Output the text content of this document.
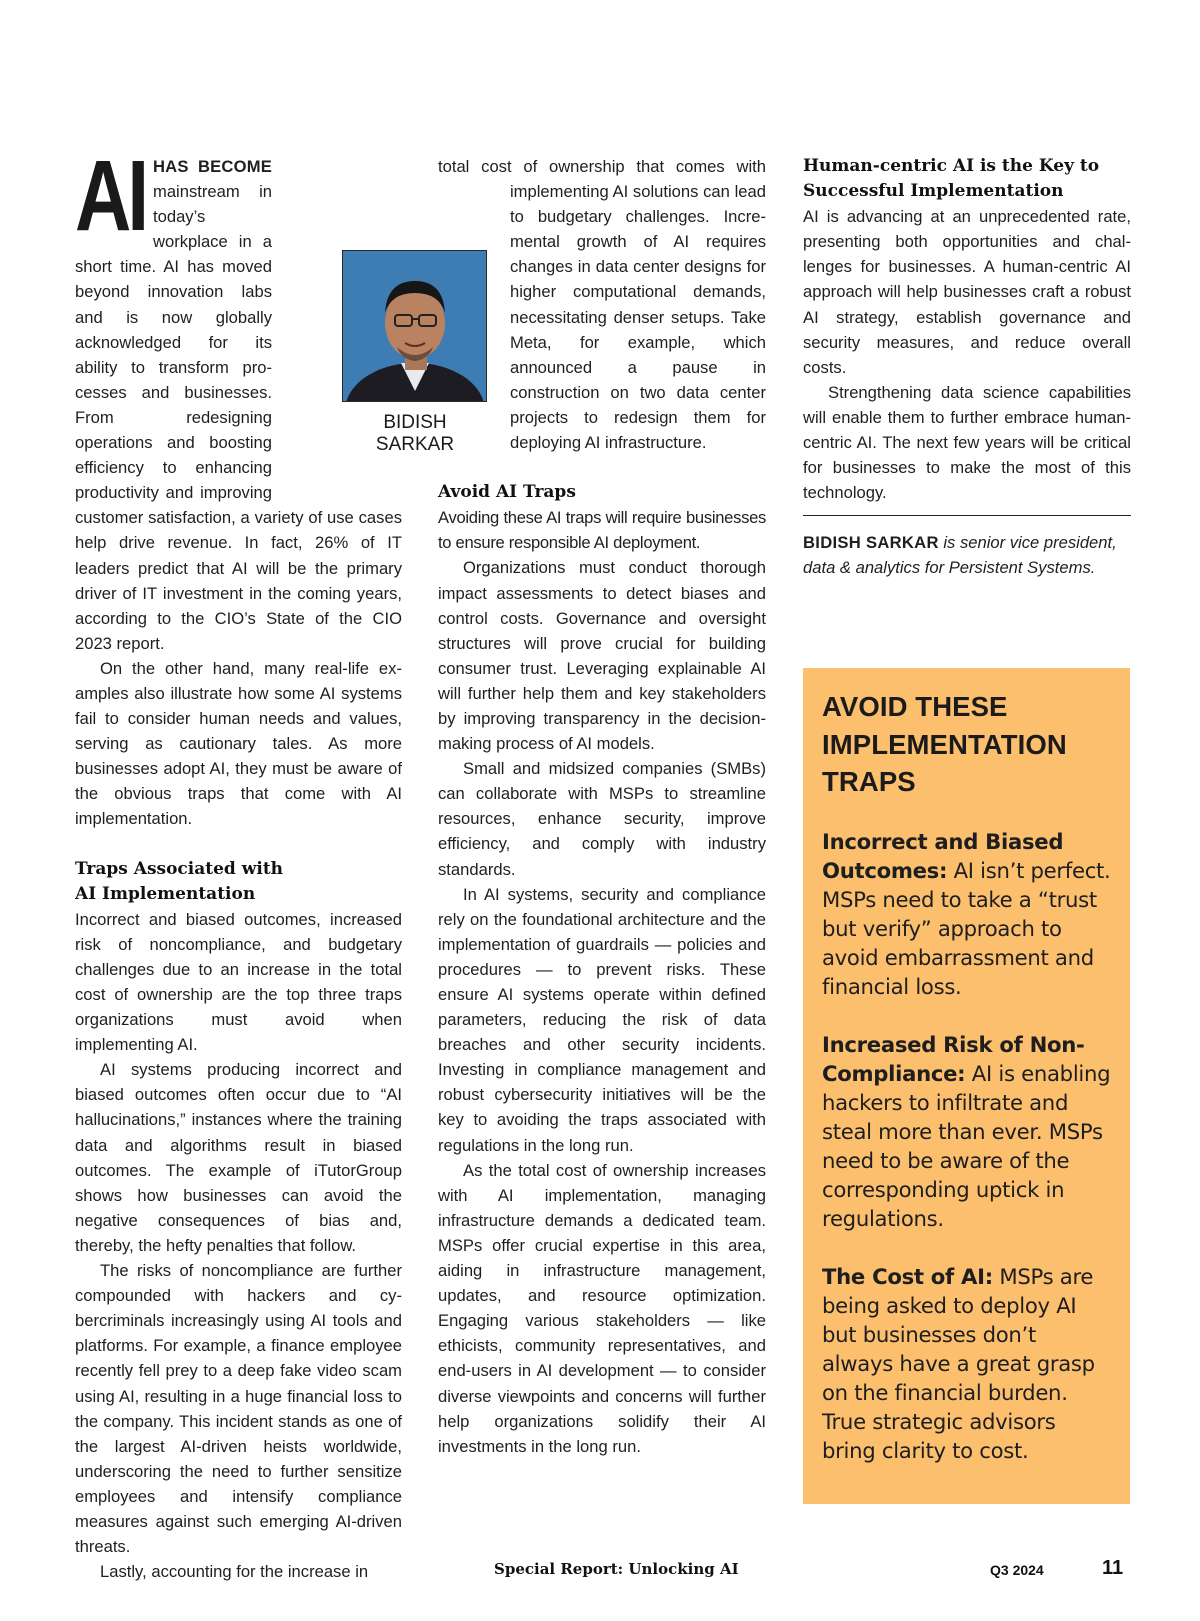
AI HAS BECOME mainstream in today’s workplace in a short time. AI has moved beyond innovation labs and is now globally acknowledged for its ability to transform processes and businesses. From redesigning operations and boosting efficiency to enhancing productivity and improving customer satisfaction, a variety of use cases help drive revenue. In fact, 26% of IT leaders predict that AI will be the primary driver of IT investment in the coming years, according to the CIO’s State of the CIO 2023 report.

On the other hand, many real-life examples also illustrate how some AI systems fail to consider human needs and values, serving as cautionary tales. As more businesses adopt AI, they must be aware of the obvious traps that come with AI implementation.

Traps Associated with
AI Implementation

Incorrect and biased outcomes, increased risk of noncompliance, and budgetary challenges due to an increase in the total cost of ownership are the top three traps organizations must avoid when implementing AI.

AI systems producing incorrect and biased outcomes often occur due to “AI hallucinations,” instances where the training data and algorithms result in biased outcomes. The example of iTutorGroup shows how businesses can avoid the negative consequences of bias and, thereby, the hefty penalties that follow.

The risks of noncompliance are further compounded with hackers and cybercriminals increasingly using AI tools and platforms. For example, a finance employee recently fell prey to a deep fake video scam using AI, resulting in a huge financial loss to the company. This incident stands as one of the largest AI-driven heists worldwide, underscoring the need to further sensitize employees and intensify compliance measures against such emerging AI-driven threats.

Lastly, accounting for the increase in

BIDISH
SARKAR

total cost of ownership that comes with implementing AI solutions can lead to budgetary challenges. Incremental growth of AI requires changes in data center designs for higher computational demands, necessitating denser setups. Take Meta, for example, which announced a pause in construction on two data center projects to redesign them for deploying AI infrastructure.

Avoid AI Traps

Avoiding these AI traps will require businesses to ensure responsible AI deployment.

Organizations must conduct thorough impact assessments to detect biases and control costs. Governance and oversight structures will prove crucial for building consumer trust. Leveraging explainable AI will further help them and key stakeholders by improving transparency in the decision-making process of AI models.

Small and midsized companies (SMBs) can collaborate with MSPs to streamline resources, enhance security, improve efficiency, and comply with industry standards.

In AI systems, security and compliance rely on the foundational architecture and the implementation of guardrails — policies and procedures — to prevent risks. These ensure AI systems operate within defined parameters, reducing the risk of data breaches and other security incidents. Investing in compliance management and robust cybersecurity initiatives will be the key to avoiding the traps associated with regulations in the long run.

As the total cost of ownership increases with AI implementation, managing infrastructure demands a dedicated team. MSPs offer crucial expertise in this area, aiding in infrastructure management, updates, and resource optimization. Engaging various stakeholders — like ethicists, community representatives, and end-users in AI development — to consider diverse viewpoints and concerns will further help organizations solidify their AI investments in the long run.

Human-centric AI is the Key to
Successful Implementation

AI is advancing at an unprecedented rate, presenting both opportunities and challenges for businesses. A human-centric AI approach will help businesses craft a robust AI strategy, establish governance and security measures, and reduce overall costs.

Strengthening data science capabilities will enable them to further embrace human-centric AI. The next few years will be critical for businesses to make the most of this technology.

BIDISH SARKAR is senior vice president, data & analytics for Persistent Systems.

AVOID THESE IMPLEMENTATION TRAPS

Incorrect and Biased Outcomes: AI isn’t perfect. MSPs need to take a “trust but verify” approach to avoid embarrassment and financial loss.

Increased Risk of Non-Compliance: AI is enabling hackers to infiltrate and steal more than ever. MSPs need to be aware of the corresponding uptick in regulations.

The Cost of AI: MSPs are being asked to deploy AI but businesses don’t always have a great grasp on the financial burden. True strategic advisors bring clarity to cost.

Special Report: Unlocking AI	Q3 2024	11
